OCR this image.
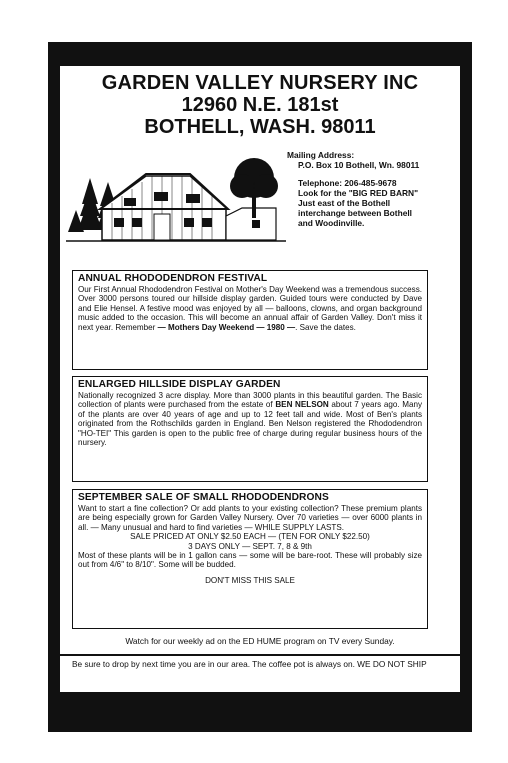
GARDEN VALLEY NURSERY INC
12960 N.E. 181st
BOTHELL, WASH. 98011
Mailing Address:
P.O. Box 10 Bothell, Wn. 98011
Telephone: 206-485-9678
Look for the "BIG RED BARN"
Just east of the Bothell
interchange between Bothell
and Woodinville.
ANNUAL RHODODENDRON FESTIVAL

Our First Annual Rhododendron Festival on Mother's Day Weekend was a tremendous success. Over 3000 persons toured our hillside display garden. Guided tours were conducted by Dave and Elie Hensel. A festive mood was enjoyed by all — balloons, clowns, and organ background music added to the occasion. This will become an annual affair of Garden Valley. Don't miss it next year. Remember — Mothers Day Weekend — 1980 —. Save the dates.

ENLARGED HILLSIDE DISPLAY GARDEN

Nationally recognized 3 acre display. More than 3000 plants in this beautiful garden. The Basic collection of plants were purchased from the estate of BEN NELSON about 7 years ago. Many of the plants are over 40 years of age and up to 12 feet tall and wide. Most of Ben's plants originated from the Rothschilds garden in England. Ben Nelson registered the Rhododendron "HO-TEI" This garden is open to the public free of charge during regular business hours of the nursery.

SEPTEMBER SALE OF SMALL RHODODENDRONS

Want to start a fine collection? Or add plants to your existing collection? These premium plants are being especially grown for Garden Valley Nursery. Over 70 varieties — over 6000 plants in all. — Many unusual and hard to find varieties — WHILE SUPPLY LASTS.

SALE PRICED AT ONLY $2.50 EACH — (TEN FOR ONLY $22.50)

3 DAYS ONLY — SEPT. 7, 8 & 9th

Most of these plants will be in 1 gallon cans — some will be bare-root. These will probably size out from 4/6" to 8/10". Some will be budded.

DON'T MISS THIS SALE

Watch for our weekly ad on the ED HUME program on TV every Sunday.

Be sure to drop by next time you are in our area. The coffee pot is always on. WE DO NOT SHIP
